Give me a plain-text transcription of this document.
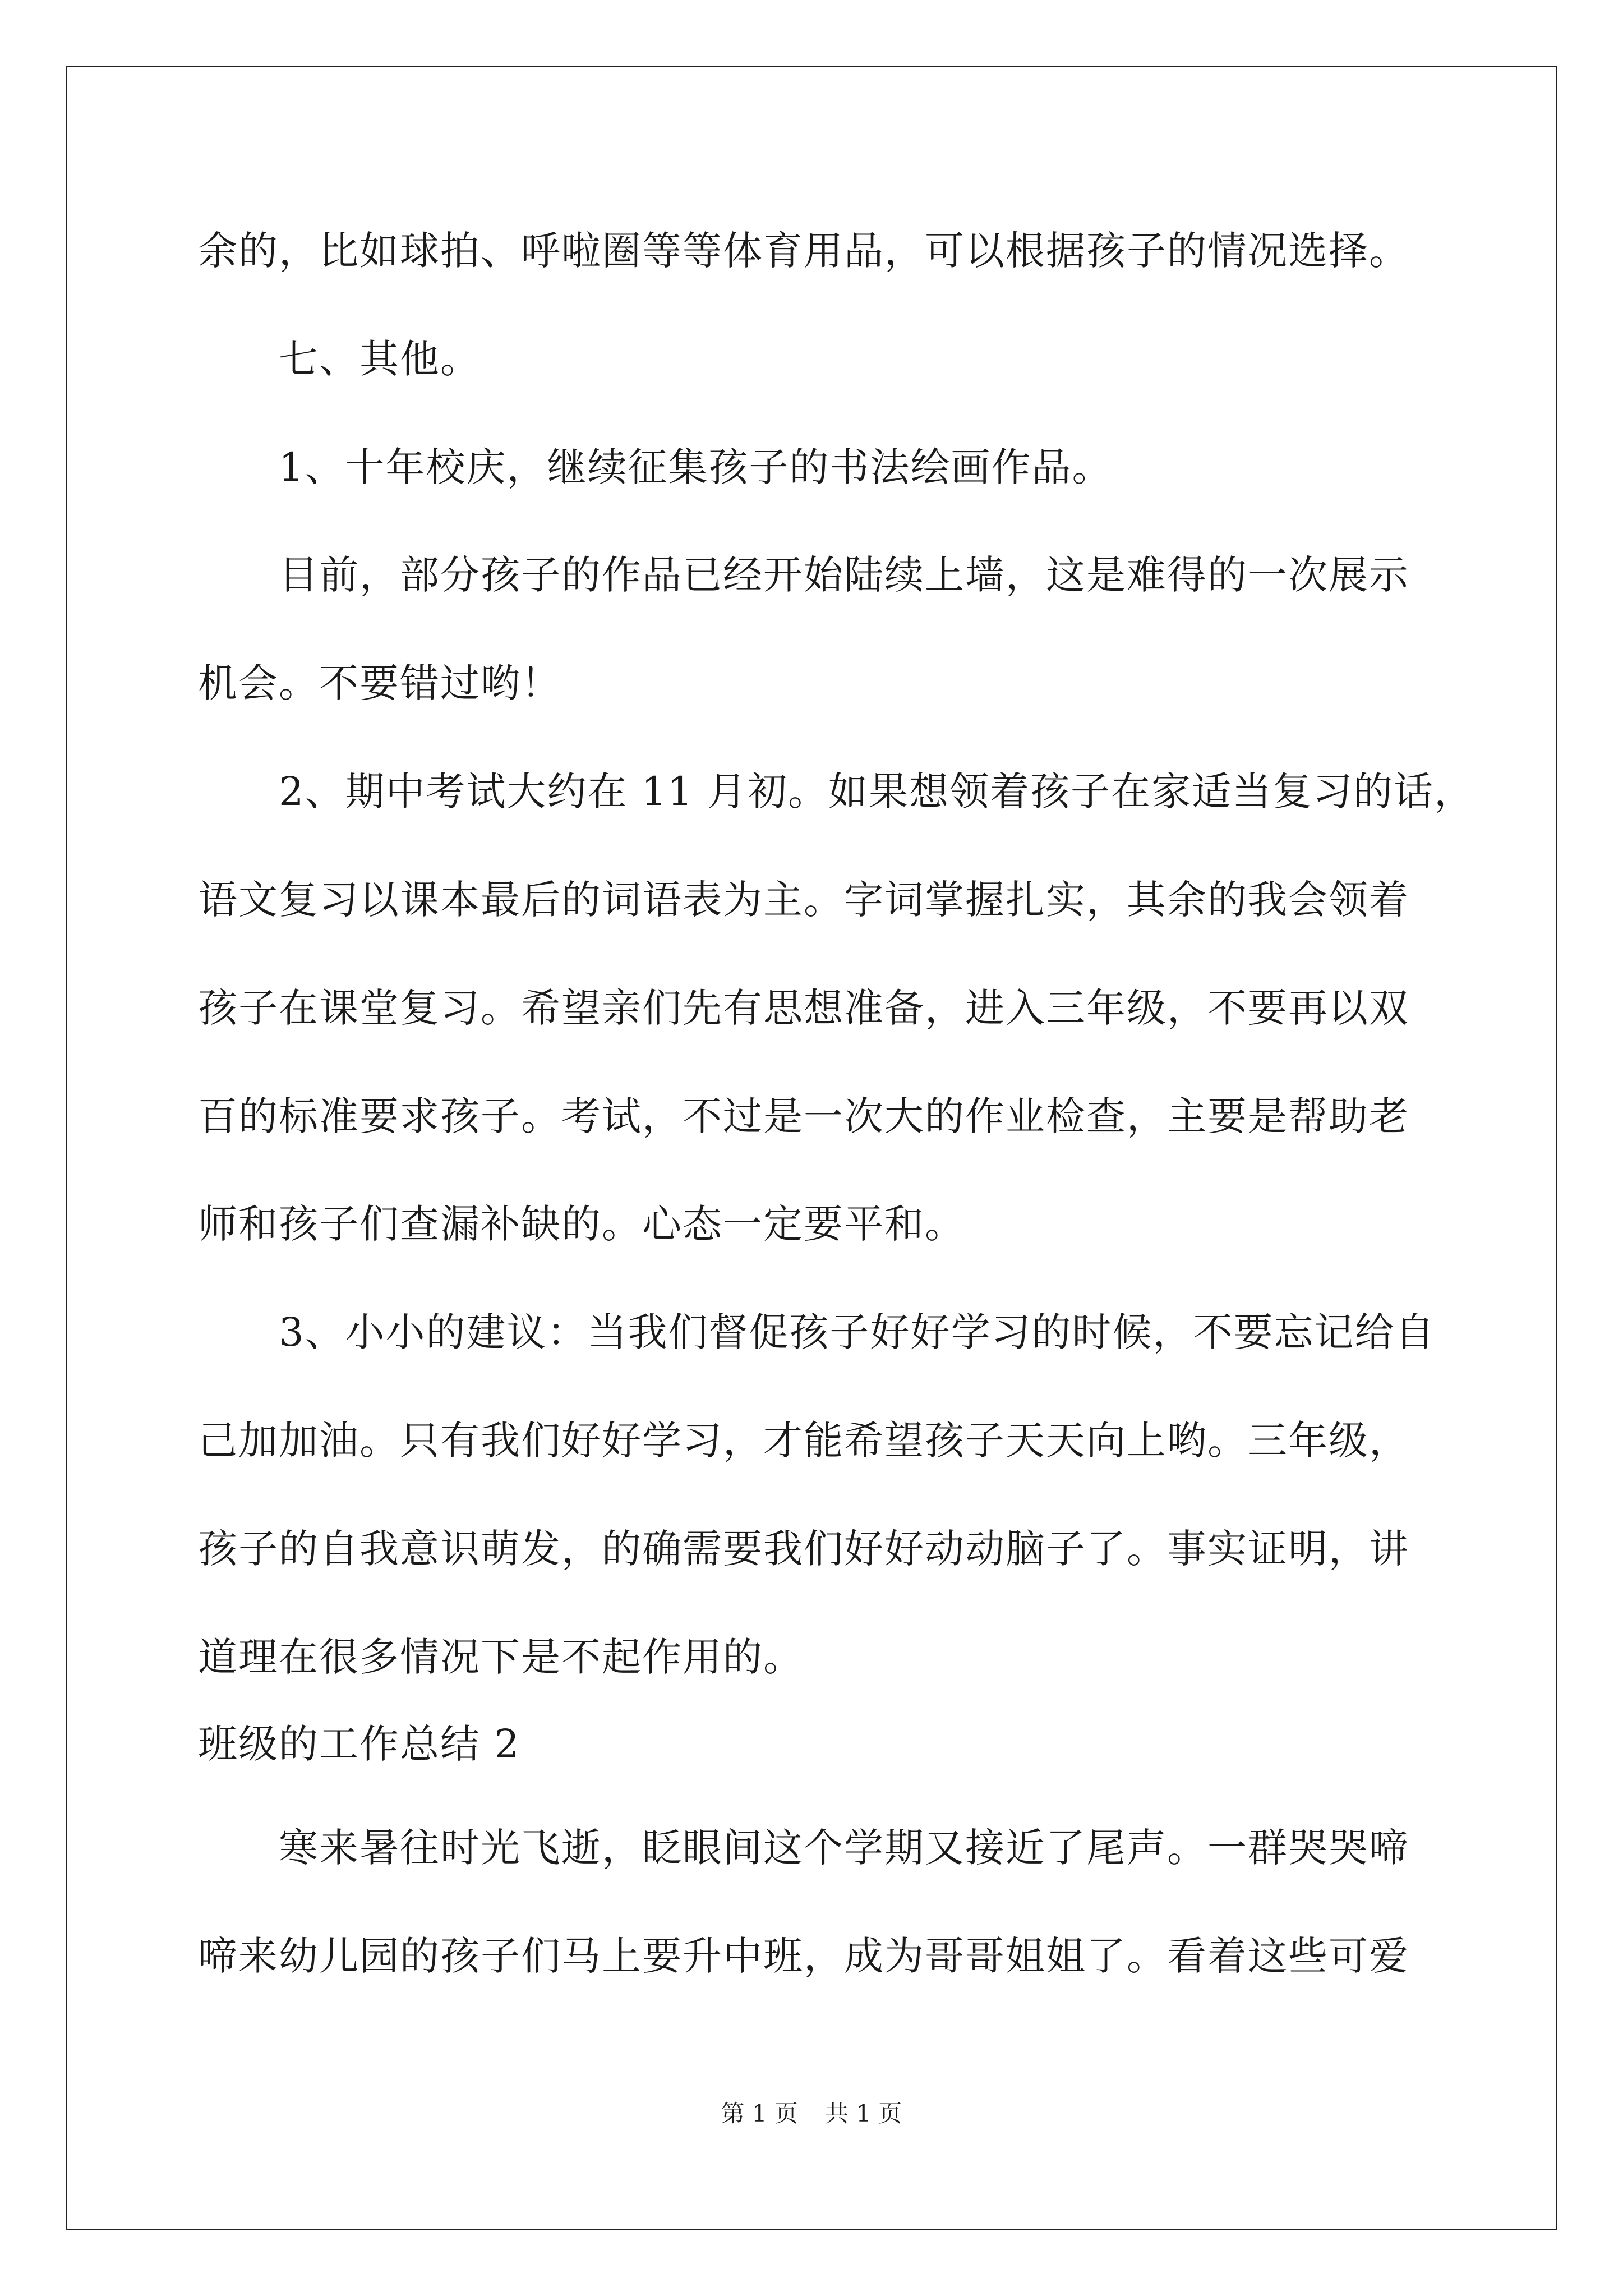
余的，比如球拍、呼啦圈等等体育用品，可以根据孩子的情况选择。
七、其他。
1、十年校庆，继续征集孩子的书法绘画作品。
目前，部分孩子的作品已经开始陆续上墙，这是难得的一次展示
机会。不要错过哟！
2、期中考试大约在 11 月初。如果想领着孩子在家适当复习的话，
语文复习以课本最后的词语表为主。字词掌握扎实，其余的我会领着
孩子在课堂复习。希望亲们先有思想准备，进入三年级，不要再以双
百的标准要求孩子。考试，不过是一次大的作业检查，主要是帮助老
师和孩子们查漏补缺的。心态一定要平和。
3、小小的建议：当我们督促孩子好好学习的时候，不要忘记给自
己加加油。只有我们好好学习，才能希望孩子天天向上哟。三年级，
孩子的自我意识萌发，的确需要我们好好动动脑子了。事实证明，讲
道理在很多情况下是不起作用的。
班级的工作总结 2
寒来暑往时光飞逝，眨眼间这个学期又接近了尾声。一群哭哭啼
啼来幼儿园的孩子们马上要升中班，成为哥哥姐姐了。看着这些可爱
第 1 页 共 1 页
